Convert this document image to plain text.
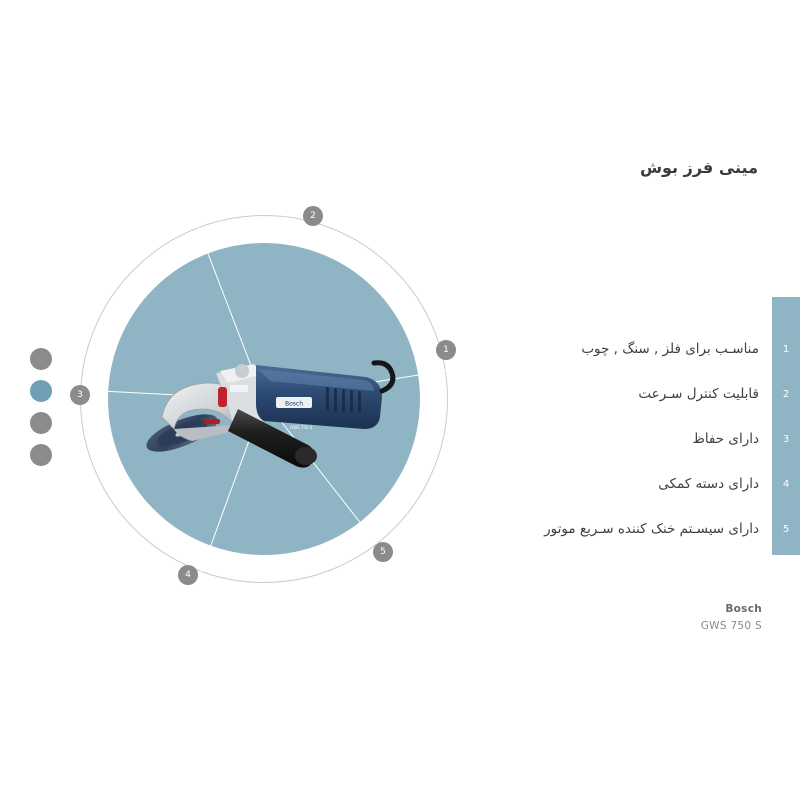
مینی فرز بوش
Bosch
GWS 750 S
1
2
3
4
5
1
مناسـب برای فلز , سنگ , چوب
2
قابلیت کنترل سـرعت
3
دارای حفاظ
4
دارای دسته کمکی
5
دارای سیسـتم خنک کننده سـریع موتور
Bosch
GWS 750 S
